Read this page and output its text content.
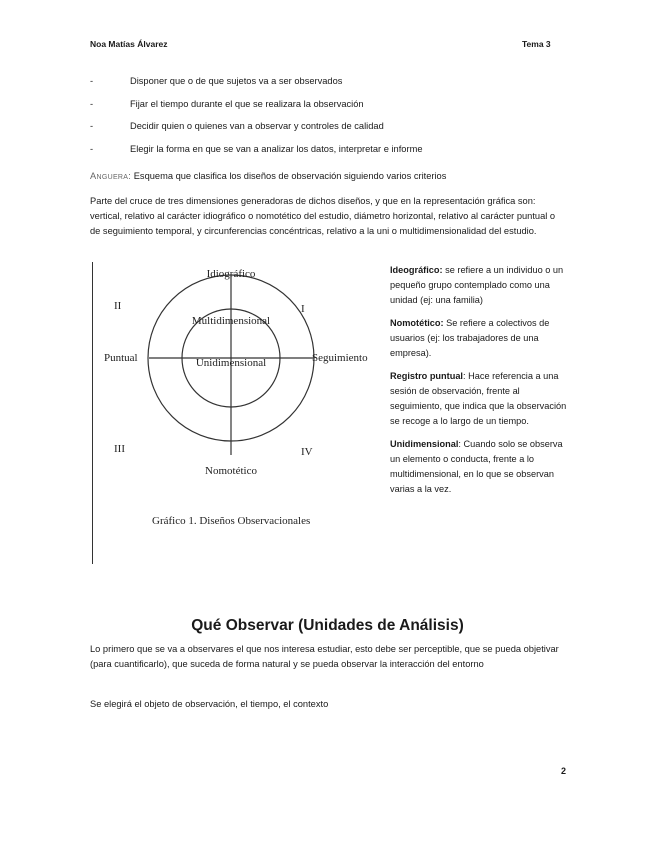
Noa Matías Álvarez	Tema 3
-	Disponer que o de que sujetos va a ser observados
-	Fijar el tiempo durante el que se realizara la observación
-	Decidir quien o quienes van a observar y controles de calidad
-	Elegir la forma en que se van a analizar los datos, interpretar e informe
Anguera: Esquema que clasifica los diseños de observación siguiendo varios criterios

Parte del cruce de tres dimensiones generadoras de dichos diseños, y que en la representación gráfica son: vertical, relativo al carácter idiográfico o nomotético del estudio, diámetro horizontal, relativo al carácter puntual o de seguimiento temporal, y circunferencias concéntricas, relativo a la uni o multidimensionalidad del estudio.

Idiográfico
Nomotético
Puntual	Seguimiento
Multidimensional
Unidimensional
I
II
III	IV
Gráfico 1. Diseños Observacionales

Ideográfico: se refiere a un individuo o un pequeño grupo contemplado como una unidad (ej: una familia)

Nomotético: Se refiere a colectivos de usuarios (ej: los trabajadores de una empresa).

Registro puntual: Hace referencia a una sesión de observación, frente al seguimiento, que indica que la observación se recoge a lo largo de un tiempo.

Unidimensional: Cuando solo se observa un elemento o conducta, frente a lo multidimensional, en lo que se observan varias a la vez.

Qué Observar (Unidades de Análisis)

Lo primero que se va a observares el que nos interesa estudiar, esto debe ser perceptible, que se pueda objetivar (para cuantificarlo), que suceda de forma natural y se pueda observar la interacción del entorno

Se elegirá el objeto de observación, el tiempo, el contexto

2
